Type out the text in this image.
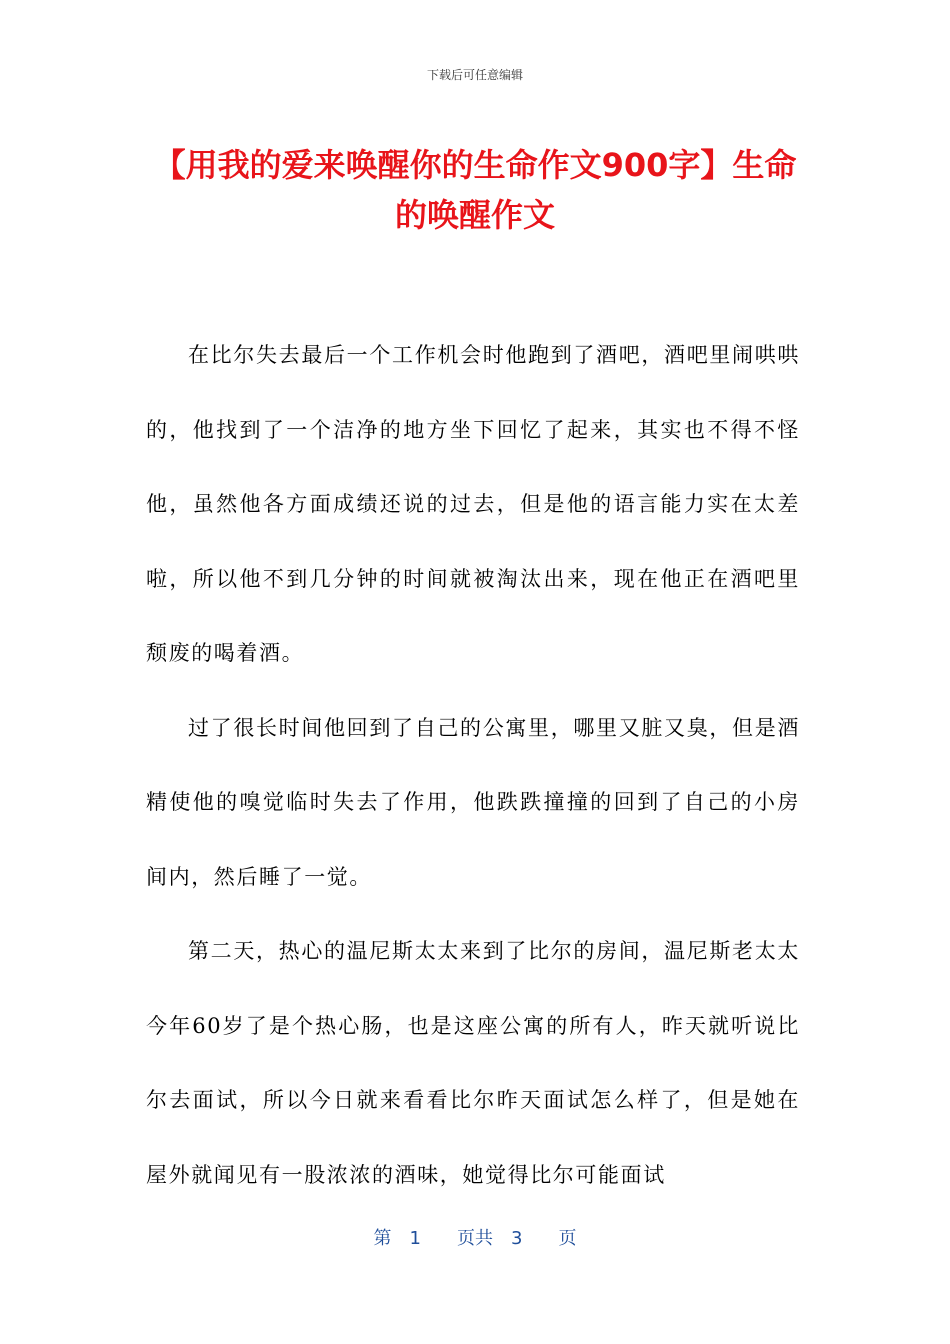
下载后可任意编辑
【用我的爱来唤醒你的生命作文900字】生命的唤醒作文

在比尔失去最后一个工作机会时他跑到了酒吧，酒吧里闹哄哄的，他找到了一个洁净的地方坐下回忆了起来，其实也不得不怪他，虽然他各方面成绩还说的过去，但是他的语言能力实在太差啦，所以他不到几分钟的时间就被淘汰出来，现在他正在酒吧里颓废的喝着酒。

过了很长时间他回到了自己的公寓里，哪里又脏又臭，但是酒精使他的嗅觉临时失去了作用，他跌跌撞撞的回到了自己的小房间内，然后睡了一觉。

第二天，热心的温尼斯太太来到了比尔的房间，温尼斯老太太今年60岁了是个热心肠，也是这座公寓的所有人，昨天就听说比尔去面试，所以今日就来看看比尔昨天面试怎么样了，但是她在屋外就闻见有一股浓浓的酒味，她觉得比尔可能面试

第　1　　页共　3　　页
